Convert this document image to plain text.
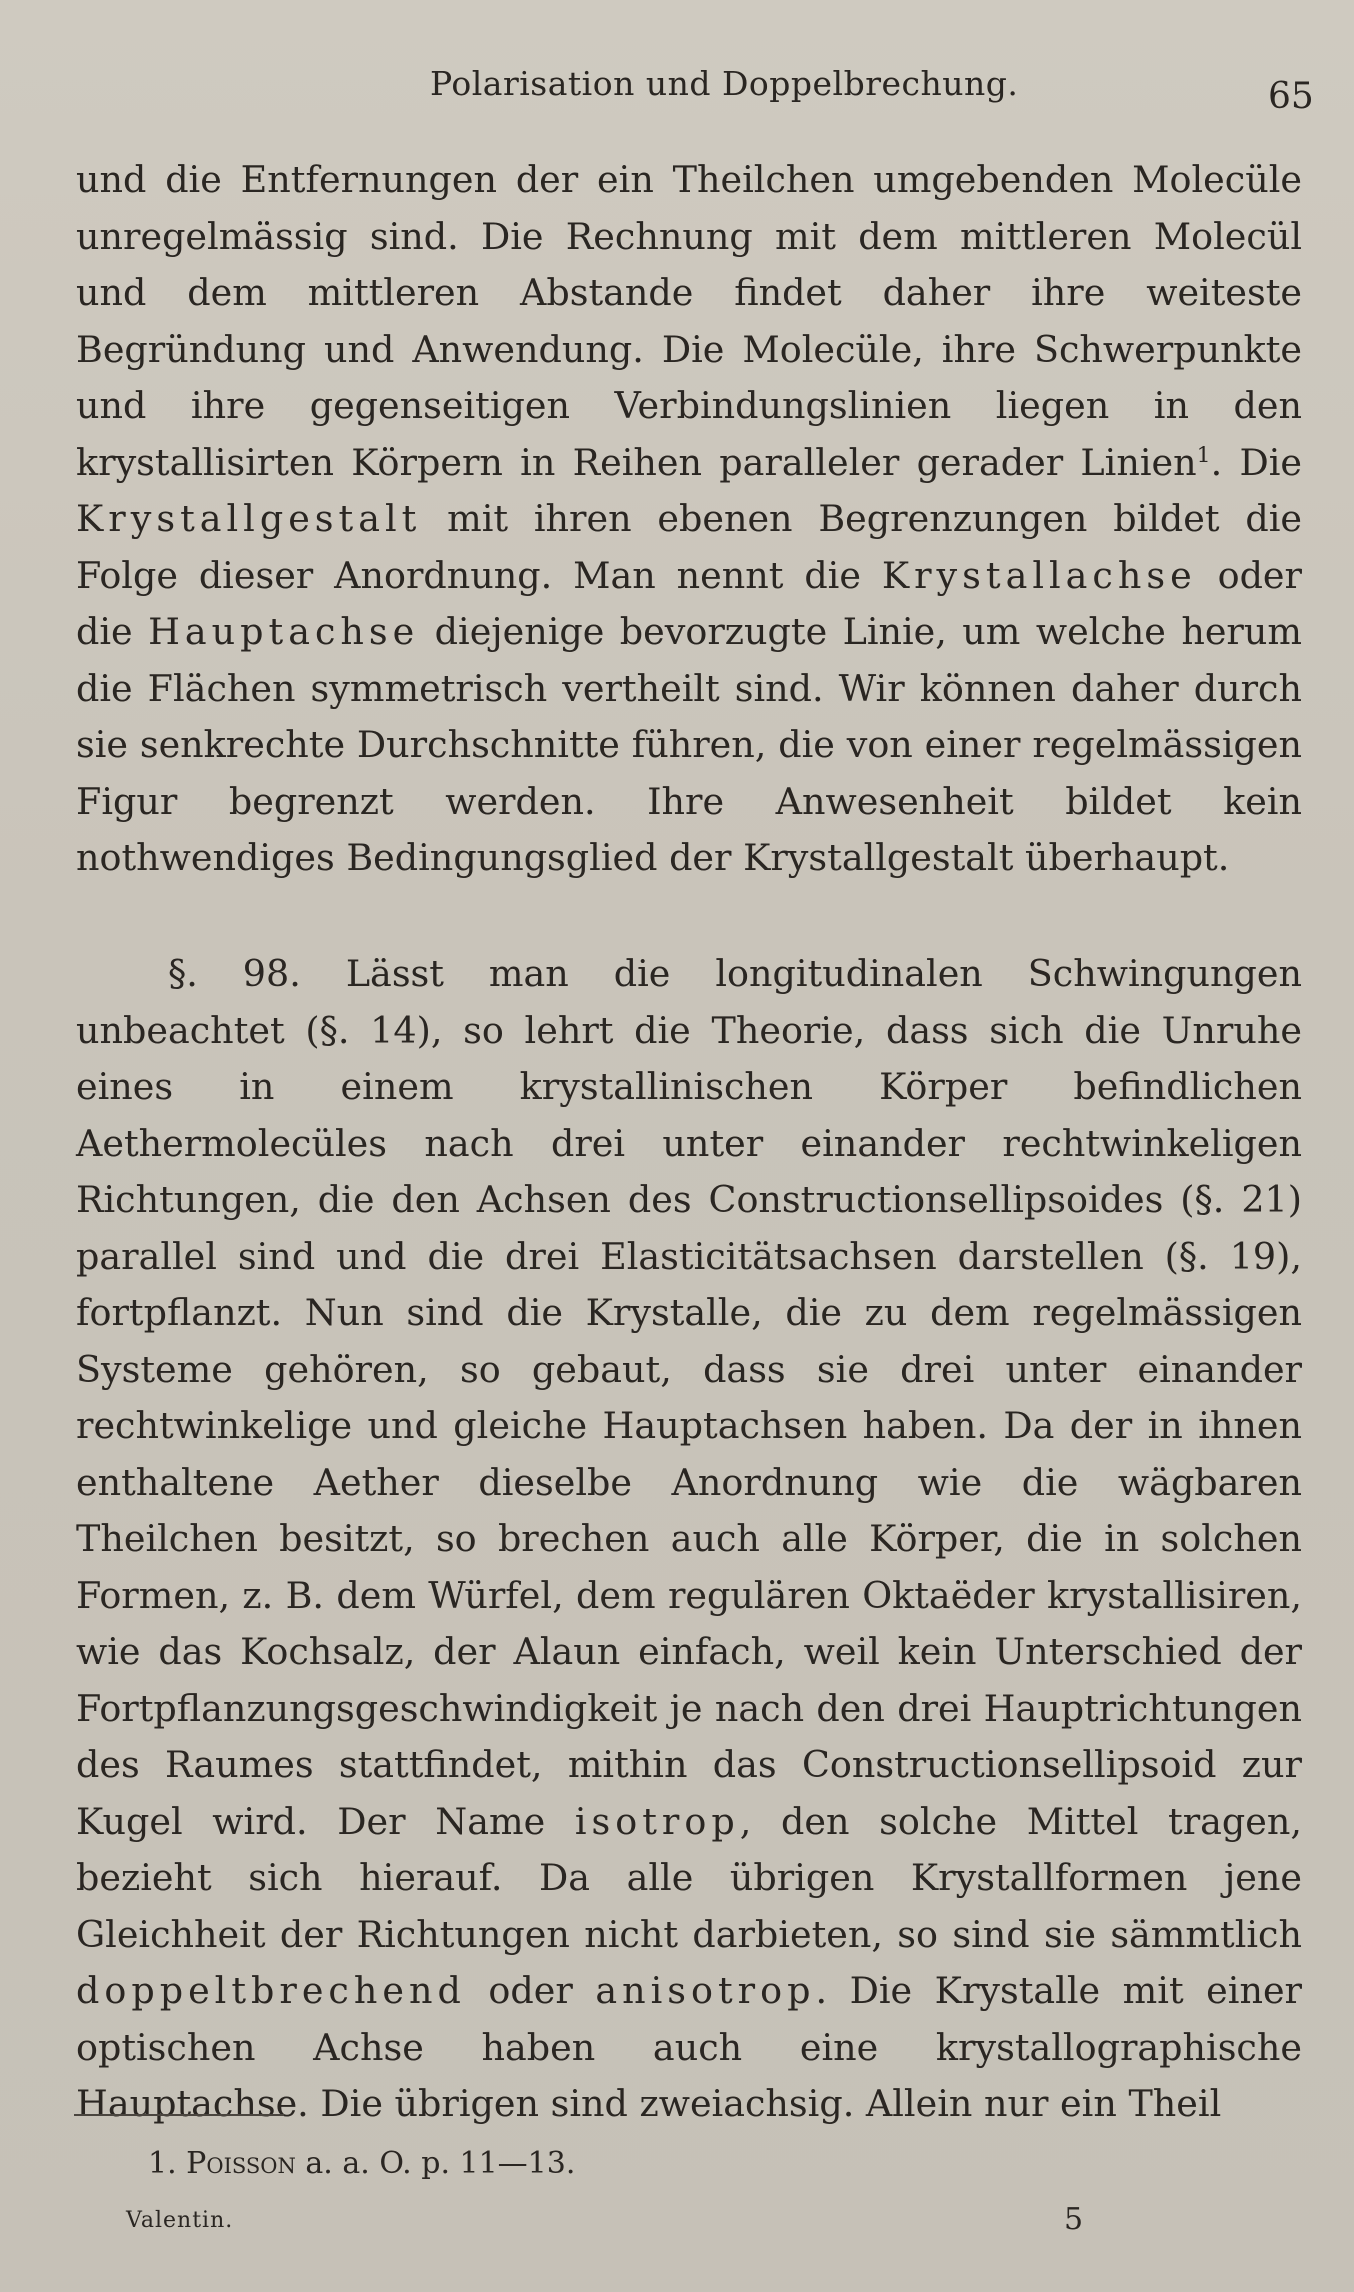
Polarisation und Doppelbrechung.	65
und die Entfernungen der ein Theilchen umgebenden Molecüle unregelmässig sind. Die Rechnung mit dem mittleren Molecül und dem mittleren Abstande findet daher ihre weiteste Begründung und Anwendung. Die Molecüle, ihre Schwerpunkte und ihre gegenseitigen Verbindungslinien liegen in den krystallisirten Körpern in Reihen paralleler gerader Linien$^1$. Die Krystallgestalt mit ihren ebenen Begrenzungen bildet die Folge dieser Anordnung. Man nennt die Krystallachse oder die Hauptachse diejenige bevorzugte Linie, um welche herum die Flächen symmetrisch vertheilt sind. Wir können daher durch sie senkrechte Durchschnitte führen, die von einer regelmässigen Figur begrenzt werden. Ihre Anwesenheit bildet kein nothwendiges Bedingungsglied der Krystallgestalt überhaupt.
§. 98. Lässt man die longitudinalen Schwingungen unbeachtet (§. 14), so lehrt die Theorie, dass sich die Unruhe eines in einem krystallinischen Körper befindlichen Aethermolecüles nach drei unter einander rechtwinkeligen Richtungen, die den Achsen des Constructionsellipsoides (§. 21) parallel sind und die drei Elasticitätsachsen darstellen (§. 19), fortpflanzt. Nun sind die Krystalle, die zu dem regelmässigen Systeme gehören, so gebaut, dass sie drei unter einander rechtwinkelige und gleiche Hauptachsen haben. Da der in ihnen enthaltene Aether dieselbe Anordnung wie die wägbaren Theilchen besitzt, so brechen auch alle Körper, die in solchen Formen, z. B. dem Würfel, dem regulären Oktaëder krystallisiren, wie das Kochsalz, der Alaun einfach, weil kein Unterschied der Fortpflanzungsgeschwindigkeit je nach den drei Hauptrichtungen des Raumes stattfindet, mithin das Constructionsellipsoid zur Kugel wird. Der Name isotrop, den solche Mittel tragen, bezieht sich hierauf. Da alle übrigen Krystallformen jene Gleichheit der Richtungen nicht darbieten, so sind sie sämmtlich doppeltbrechend oder anisotrop. Die Krystalle mit einer optischen Achse haben auch eine krystallographische Hauptachse. Die übrigen sind zweiachsig. Allein nur ein Theil
1. Poisson a. a. O. p. 11—13.
Valentin.	5
